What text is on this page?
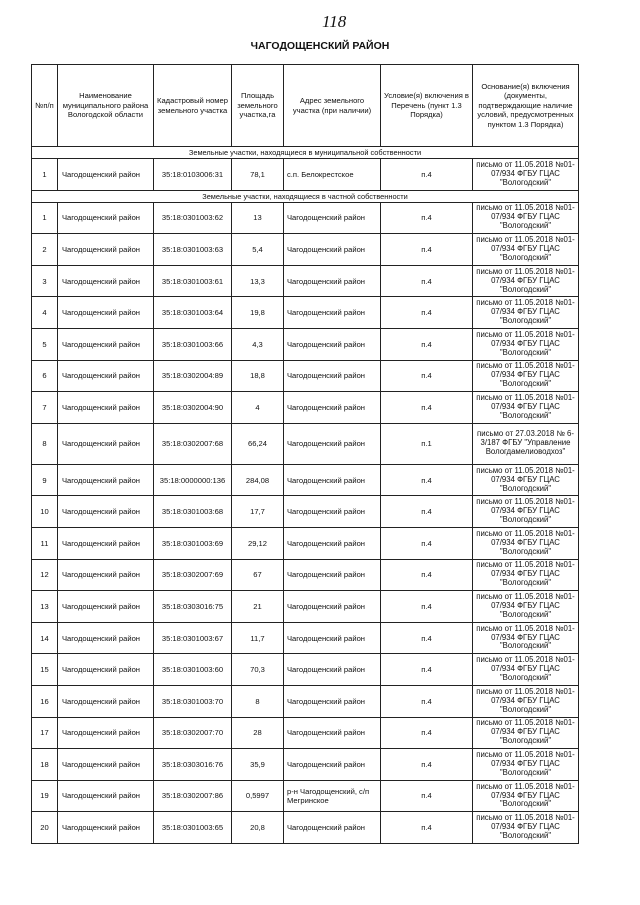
118
ЧАГОДОЩЕНСКИЙ РАЙОН
№п/п	Наименование муниципального района Вологодской области	Кадастровый номер земельного участка	Площадь земельного участка,га	Адрес земельного участка (при наличии)	Условие(я) включения в Перечень (пункт 1.3 Порядка)	Основание(я) включения (документы, подтверждающие наличие условий, предусмотренных пунктом 1.3 Порядка)
Земельные участки, находящиеся в муниципальной собственности						
1	Чагодощенский район	35:18:0103006:31	78,1	с.п. Белокрестское	п.4	письмо от 11.05.2018 №01-07/934 ФГБУ ГЦАС "Вологодский"
Земельные участки, находящиеся в частной собственности						
1	Чагодощенский район	35:18:0301003:62	13	Чагодощенский район	п.4	письмо от 11.05.2018 №01-07/934 ФГБУ ГЦАС "Вологодский"
2	Чагодощенский район	35:18:0301003:63	5,4	Чагодощенский район	п.4	письмо от 11.05.2018 №01-07/934 ФГБУ ГЦАС "Вологодский"
3	Чагодощенский район	35:18:0301003:61	13,3	Чагодощенский район	п.4	письмо от 11.05.2018 №01-07/934 ФГБУ ГЦАС "Вологодский"
4	Чагодощенский район	35:18:0301003:64	19,8	Чагодощенский район	п.4	письмо от 11.05.2018 №01-07/934 ФГБУ ГЦАС "Вологодский"
5	Чагодощенский район	35:18:0301003:66	4,3	Чагодощенский район	п.4	письмо от 11.05.2018 №01-07/934 ФГБУ ГЦАС "Вологодский"
6	Чагодощенский район	35:18:0302004:89	18,8	Чагодощенский район	п.4	письмо от 11.05.2018 №01-07/934 ФГБУ ГЦАС "Вологодский"
7	Чагодощенский район	35:18:0302004:90	4	Чагодощенский район	п.4	письмо от 11.05.2018 №01-07/934 ФГБУ ГЦАС "Вологодский"
8	Чагодощенский район	35:18:0302007:68	66,24	Чагодощенский район	п.1	письмо от 27.03.2018 № 6-3/187 ФГБУ "Управление Вологдамелиоводхоз"
9	Чагодощенский район	35:18:0000000:136	284,08	Чагодощенский район	п.4	письмо от 11.05.2018 №01-07/934 ФГБУ ГЦАС "Вологодский"
10	Чагодощенский район	35:18:0301003:68	17,7	Чагодощенский район	п.4	письмо от 11.05.2018 №01-07/934 ФГБУ ГЦАС "Вологодский"
11	Чагодощенский район	35:18:0301003:69	29,12	Чагодощенский район	п.4	письмо от 11.05.2018 №01-07/934 ФГБУ ГЦАС "Вологодский"
12	Чагодощенский район	35:18:0302007:69	67	Чагодощенский район	п.4	письмо от 11.05.2018 №01-07/934 ФГБУ ГЦАС "Вологодский"
13	Чагодощенский район	35:18:0303016:75	21	Чагодощенский район	п.4	письмо от 11.05.2018 №01-07/934 ФГБУ ГЦАС "Вологодский"
14	Чагодощенский район	35:18:0301003:67	11,7	Чагодощенский район	п.4	письмо от 11.05.2018 №01-07/934 ФГБУ ГЦАС "Вологодский"
15	Чагодощенский район	35:18:0301003:60	70,3	Чагодощенский район	п.4	письмо от 11.05.2018 №01-07/934 ФГБУ ГЦАС "Вологодский"
16	Чагодощенский район	35:18:0301003:70	8	Чагодощенский район	п.4	письмо от 11.05.2018 №01-07/934 ФГБУ ГЦАС "Вологодский"
17	Чагодощенский район	35:18:0302007:70	28	Чагодощенский район	п.4	письмо от 11.05.2018 №01-07/934 ФГБУ ГЦАС "Вологодский"
18	Чагодощенский район	35:18:0303016:76	35,9	Чагодощенский район	п.4	письмо от 11.05.2018 №01-07/934 ФГБУ ГЦАС "Вологодский"
19	Чагодощенский район	35:18:0302007:86	0,5997	р-н Чагодощенский, с/п Мегринское	п.4	письмо от 11.05.2018 №01-07/934 ФГБУ ГЦАС "Вологодский"
20	Чагодощенский район	35:18:0301003:65	20,8	Чагодощенский район	п.4	письмо от 11.05.2018 №01-07/934 ФГБУ ГЦАС "Вологодский"
